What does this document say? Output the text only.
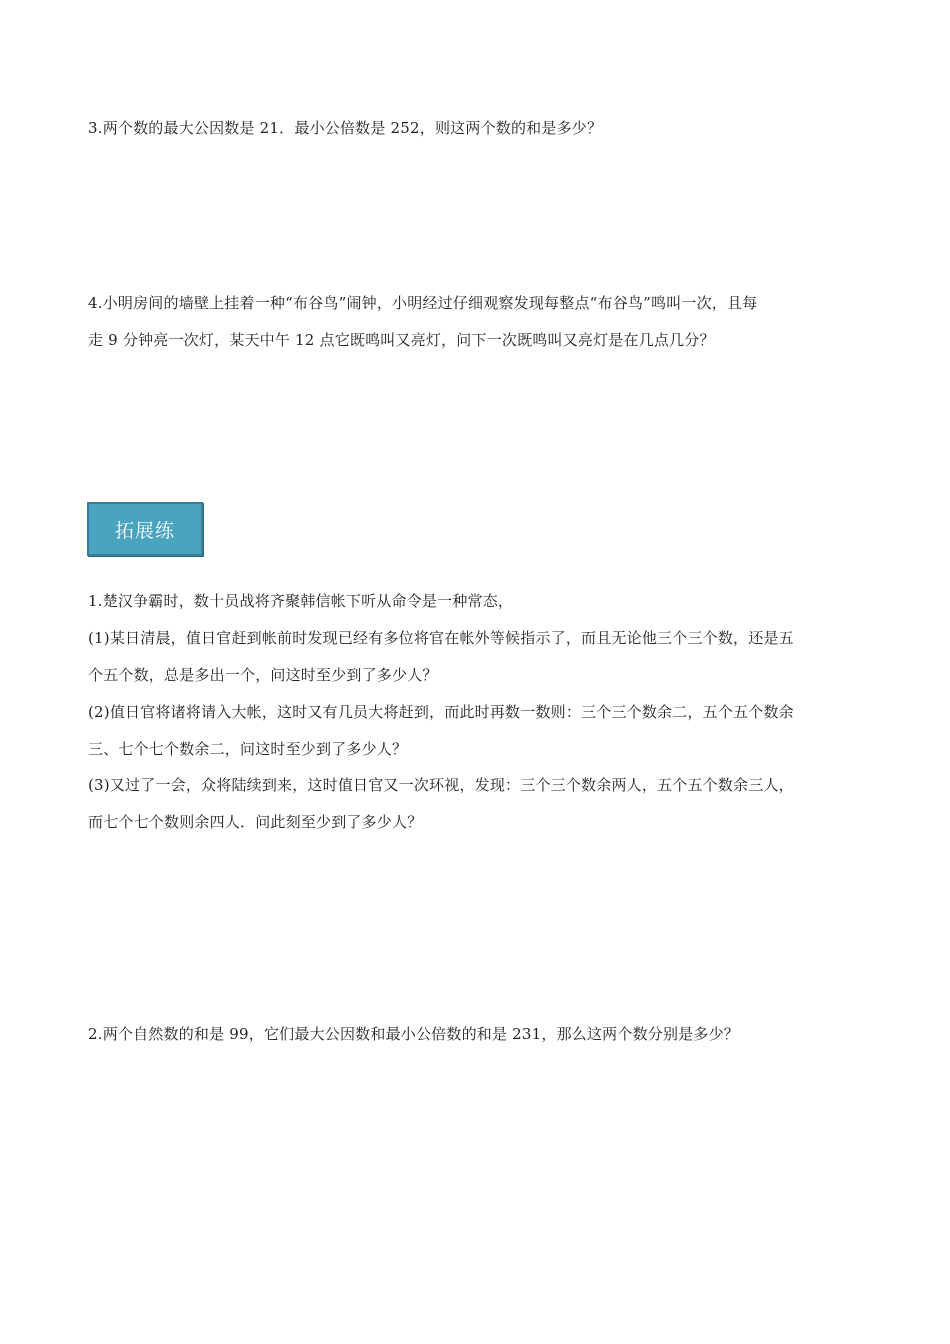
3.两个数的最大公因数是 21．最小公倍数是 252，则这两个数的和是多少？
4.小明房间的墙壁上挂着一种“布谷鸟”闹钟，小明经过仔细观察发现每整点“布谷鸟”鸣叫一次，且每
走 9 分钟亮一次灯，某天中午 12 点它既鸣叫又亮灯，问下一次既鸣叫又亮灯是在几点几分？
拓展练
1.楚汉争霸时，数十员战将齐聚韩信帐下听从命令是一种常态，
(1)某日清晨，值日官赶到帐前时发现已经有多位将官在帐外等候指示了，而且无论他三个三个数，还是五
个五个数，总是多出一个，问这时至少到了多少人？
(2)值日官将诸将请入大帐，这时又有几员大将赶到，而此时再数一数则：三个三个数余二，五个五个数余
三、七个七个数余二，问这时至少到了多少人？
(3)又过了一会，众将陆续到来，这时值日官又一次环视，发现：三个三个数余两人，五个五个数余三人，
而七个七个数则余四人．问此刻至少到了多少人？
2.两个自然数的和是 99，它们最大公因数和最小公倍数的和是 231，那么这两个数分别是多少？
